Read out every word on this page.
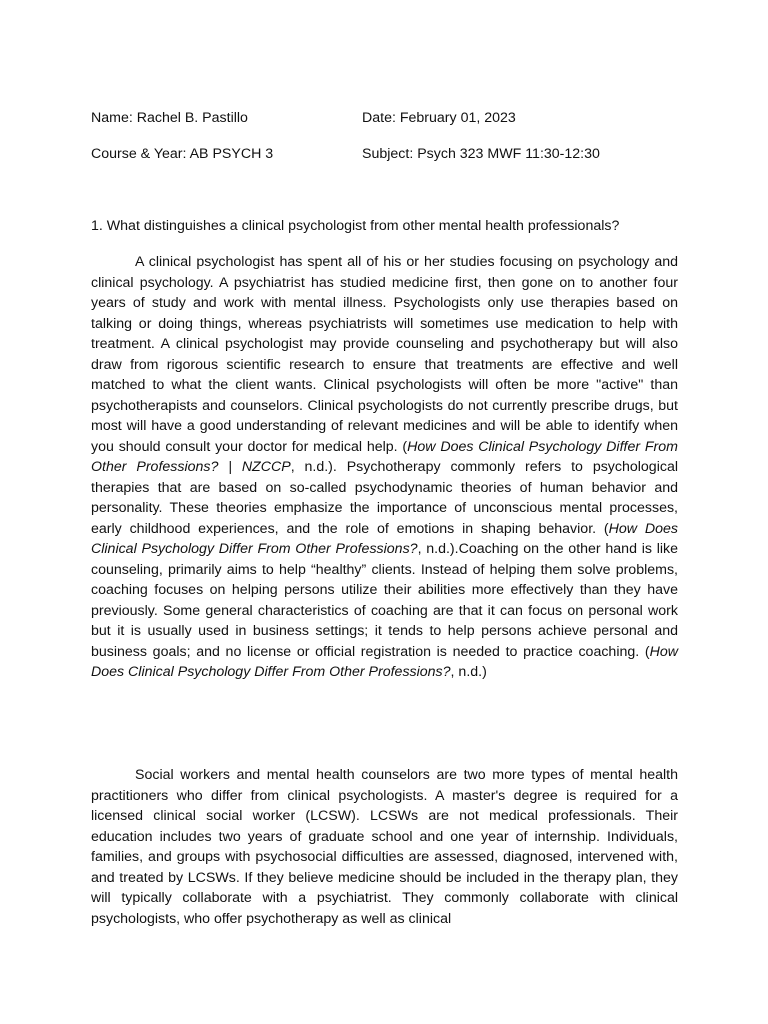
Name: Rachel B. Pastillo	Date: February 01, 2023
Course & Year: AB PSYCH 3	Subject: Psych 323 MWF 11:30-12:30
1. What distinguishes a clinical psychologist from other mental health professionals?

A clinical psychologist has spent all of his or her studies focusing on psychology and clinical psychology. A psychiatrist has studied medicine first, then gone on to another four years of study and work with mental illness. Psychologists only use therapies based on talking or doing things, whereas psychiatrists will sometimes use medication to help with treatment. A clinical psychologist may provide counseling and psychotherapy but will also draw from rigorous scientific research to ensure that treatments are effective and well matched to what the client wants. Clinical psychologists will often be more "active" than psychotherapists and counselors. Clinical psychologists do not currently prescribe drugs, but most will have a good understanding of relevant medicines and will be able to identify when you should consult your doctor for medical help. (How Does Clinical Psychology Differ From Other Professions? | NZCCP, n.d.). Psychotherapy commonly refers to psychological therapies that are based on so-called psychodynamic theories of human behavior and personality. These theories emphasize the importance of unconscious mental processes, early childhood experiences, and the role of emotions in shaping behavior. (How Does Clinical Psychology Differ From Other Professions?, n.d.).Coaching on the other hand is like counseling, primarily aims to help “healthy” clients. Instead of helping them solve problems, coaching focuses on helping persons utilize their abilities more effectively than they have previously. Some general characteristics of coaching are that it can focus on personal work but it is usually used in business settings; it tends to help persons achieve personal and business goals; and no license or official registration is needed to practice coaching. (How Does Clinical Psychology Differ From Other Professions?, n.d.)

Social workers and mental health counselors are two more types of mental health practitioners who differ from clinical psychologists. A master's degree is required for a licensed clinical social worker (LCSW). LCSWs are not medical professionals. Their education includes two years of graduate school and one year of internship. Individuals, families, and groups with psychosocial difficulties are assessed, diagnosed, intervened with, and treated by LCSWs. If they believe medicine should be included in the therapy plan, they will typically collaborate with a psychiatrist. They commonly collaborate with clinical psychologists, who offer psychotherapy as well as clinical
